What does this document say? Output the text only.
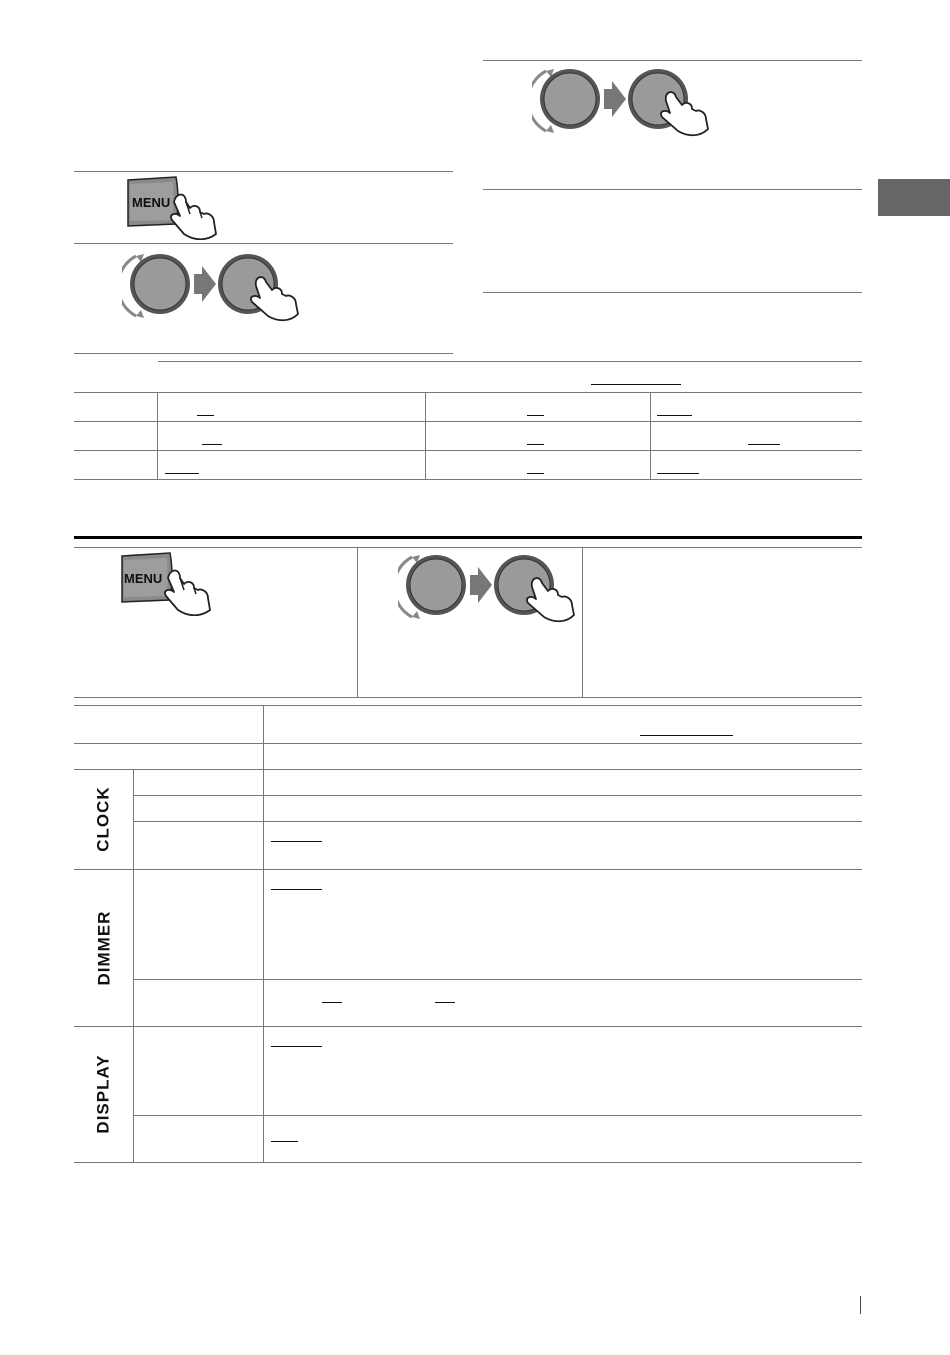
MENU
MENU
CLOCK
DIMMER
DISPLAY
